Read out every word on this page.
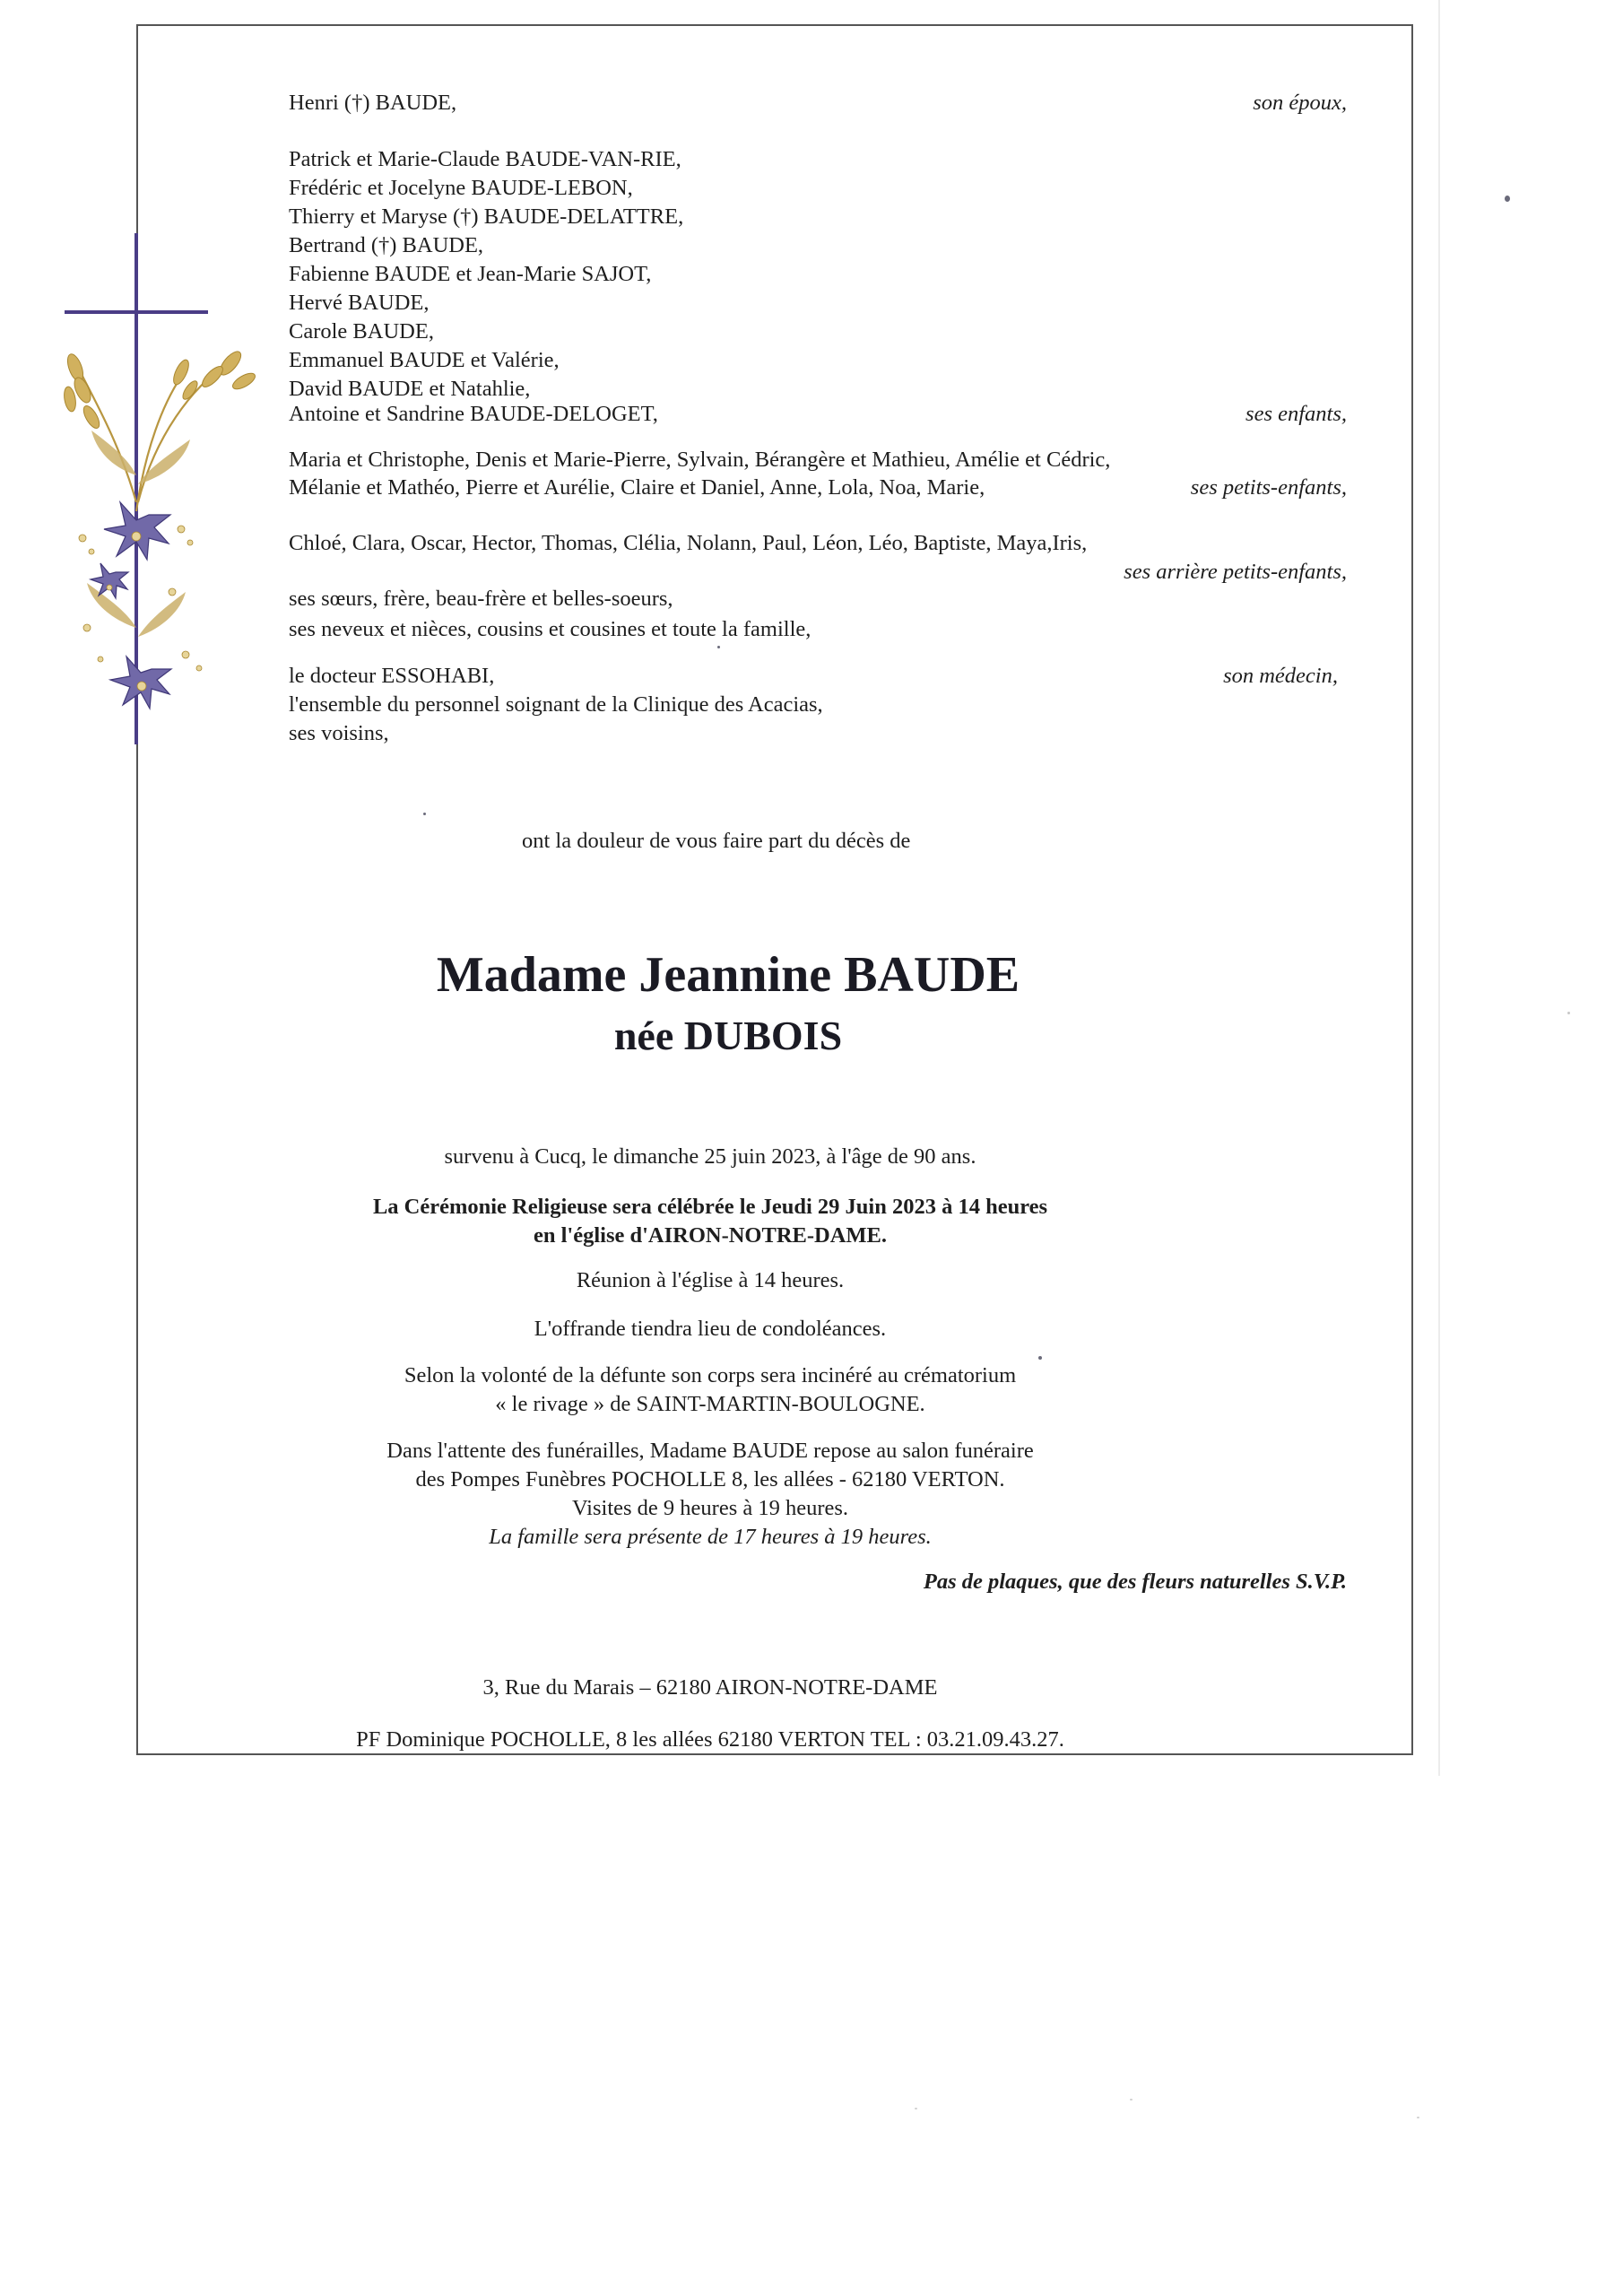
Henri (†) BAUDE,	son époux,
Patrick et Marie-Claude BAUDE-VAN-RIE,
Frédéric et Jocelyne BAUDE-LEBON,
Thierry et Maryse (†) BAUDE-DELATTRE,
Bertrand (†) BAUDE,
Fabienne BAUDE et Jean-Marie SAJOT,
Hervé BAUDE,
Carole BAUDE,
Emmanuel BAUDE et Valérie,
David BAUDE et Natahlie,
Antoine et Sandrine BAUDE-DELOGET,	ses enfants,
Maria et Christophe, Denis et Marie-Pierre, Sylvain, Bérangère et Mathieu, Amélie et Cédric,
Mélanie et Mathéo, Pierre et Aurélie, Claire et Daniel, Anne, Lola, Noa, Marie,	ses petits-enfants,
Chloé, Clara, Oscar, Hector, Thomas, Clélia, Nolann, Paul, Léon, Léo, Baptiste, Maya,Iris,
ses arrière petits-enfants,
ses sœurs, frère, beau-frère et belles-soeurs,
ses neveux et nièces, cousins et cousines et toute la famille,
le docteur ESSOHABI,	son médecin,
l'ensemble du personnel soignant de la Clinique des Acacias,
ses voisins,
ont la douleur de vous faire part du décès de
Madame Jeannine BAUDE
née DUBOIS
survenu à Cucq, le dimanche 25 juin 2023, à l'âge de 90 ans.
La Cérémonie Religieuse sera célébrée le Jeudi 29 Juin 2023 à 14 heures
en l'église d'AIRON-NOTRE-DAME.
Réunion à l'église à 14 heures.
L'offrande tiendra lieu de condoléances.
Selon la volonté de la défunte son corps sera incinéré au crématorium
« le rivage » de SAINT-MARTIN-BOULOGNE.
Dans l'attente des funérailles, Madame BAUDE repose au salon funéraire
des Pompes Funèbres POCHOLLE 8, les allées - 62180 VERTON.
Visites de 9 heures à 19 heures.
La famille sera présente de 17 heures à 19 heures.
Pas de plaques, que des fleurs naturelles S.V.P.
3, Rue du Marais – 62180 AIRON-NOTRE-DAME
PF Dominique POCHOLLE, 8 les allées 62180 VERTON TEL : 03.21.09.43.27.
